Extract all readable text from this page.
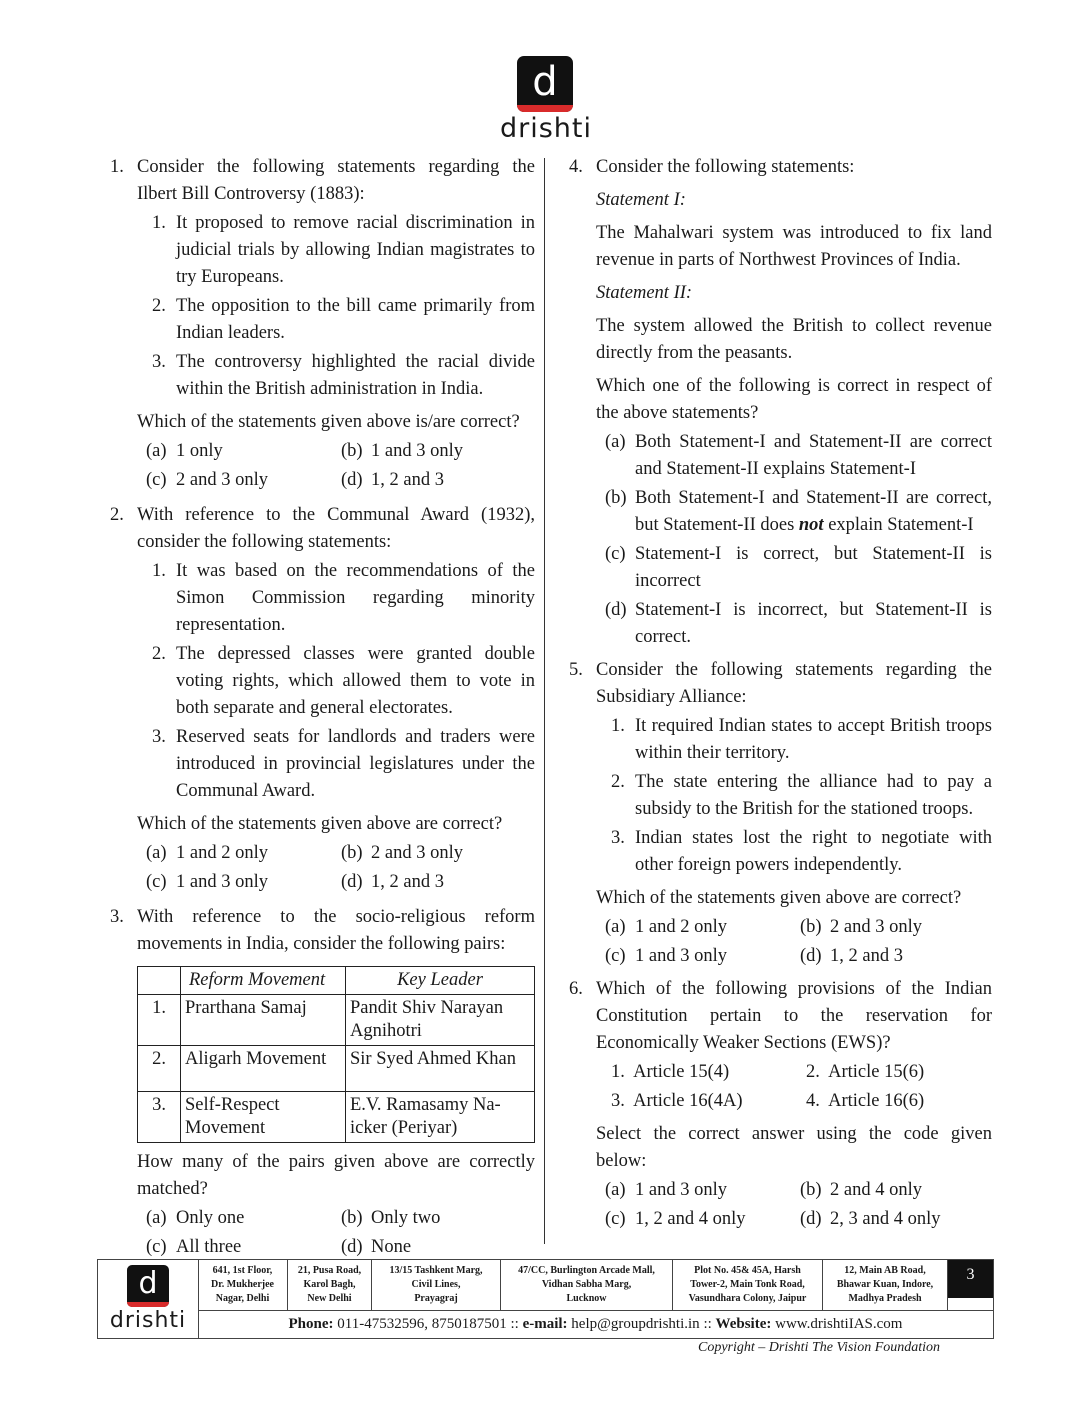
d
drishti
1. Consider the following statements regarding the Ilbert Bill Controversy (1883):
1. It proposed to remove racial discrimination in judicial trials by allowing Indian magistrates to try Europeans.
2. The opposition to the bill came primarily from Indian leaders.
3. The controversy highlighted the racial divide within the British administration in India.
Which of the statements given above is/are correct?
(a) 1 only	(b) 1 and 3 only
(c) 2 and 3 only	(d) 1, 2 and 3
2. With reference to the Communal Award (1932), consider the following statements:
1. It was based on the recommendations of the Simon Commission regarding minority representation.
2. The depressed classes were granted double voting rights, which allowed them to vote in both separate and general electorates.
3. Reserved seats for landlords and traders were introduced in provincial legislatures under the Communal Award.
Which of the statements given above are correct?
(a) 1 and 2 only	(b) 2 and 3 only
(c) 1 and 3 only	(d) 1, 2 and 3
3. With reference to the socio-religious reform movements in India, consider the following pairs:
	Reform Movement	Key Leader
1.	Prarthana Samaj	Pandit Shiv Narayan Agnihotri
2.	Aligarh Movement	Sir Syed Ahmed Khan
3.	Self-Respect Movement	E.V. Ramasamy Na-icker (Periyar)
How many of the pairs given above are correctly matched?
(a) Only one	(b) Only two
(c) All three	(d) None
4. Consider the following statements:
Statement I:
The Mahalwari system was introduced to fix land revenue in parts of Northwest Provinces of India.
Statement II:
The system allowed the British to collect revenue directly from the peasants.
Which one of the following is correct in respect of the above statements?
(a) Both Statement-I and Statement-II are correct and Statement-II explains Statement-I
(b) Both Statement-I and Statement-II are correct, but Statement-II does not explain Statement-I
(c) Statement-I is correct, but Statement-II is incorrect
(d) Statement-I is incorrect, but Statement-II is correct.
5. Consider the following statements regarding the Subsidiary Alliance:
1. It required Indian states to accept British troops within their territory.
2. The state entering the alliance had to pay a subsidy to the British for the stationed troops.
3. Indian states lost the right to negotiate with other foreign powers independently.
Which of the statements given above are correct?
(a) 1 and 2 only	(b) 2 and 3 only
(c) 1 and 3 only	(d) 1, 2 and 3
6. Which of the following provisions of the Indian Constitution pertain to the reservation for Economically Weaker Sections (EWS)?
1.  Article 15(4)	2.  Article 15(6)
3.  Article 16(4A)	4.  Article 16(6)
Select the correct answer using the code given below:
(a) 1 and 3 only	(b) 2 and 4 only
(c) 1, 2 and 4 only	(d) 2, 3 and 4 only
d
drishti
641, 1st Floor,
Dr. Mukherjee
Nagar, Delhi
21, Pusa Road,
Karol Bagh,
New Delhi
13/15 Tashkent Marg,
Civil Lines,
Prayagraj
47/CC, Burlington Arcade Mall,
Vidhan Sabha Marg,
Lucknow
Plot No. 45& 45A, Harsh
Tower-2, Main Tonk Road,
Vasundhara Colony, Jaipur
12, Main AB Road,
Bhawar Kuan, Indore,
Madhya Pradesh
3
Phone: 011-47532596, 8750187501 :: e-mail: help@groupdrishti.in :: Website: www.drishtiIAS.com
Copyright – Drishti The Vision Foundation
